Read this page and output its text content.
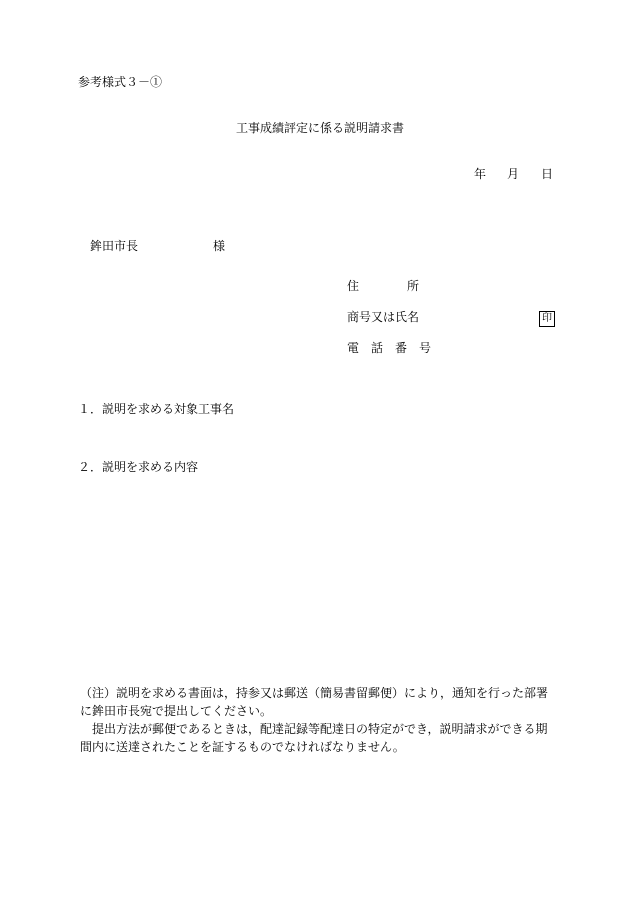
参考様式３－①
工事成績評定に係る説明請求書
年 月 日
鉾田市長	様
住　　　　所
商号又は氏名	印
電　話　番　号
１．説明を求める対象工事名
２．説明を求める内容

（注）説明を求める書面は，持参又は郵送（簡易書留郵便）により，通知を行った部署に鉾田市長宛で提出してください。

　提出方法が郵便であるときは，配達記録等配達日の特定ができ，説明請求ができる期間内に送達されたことを証するものでなければなりません。
